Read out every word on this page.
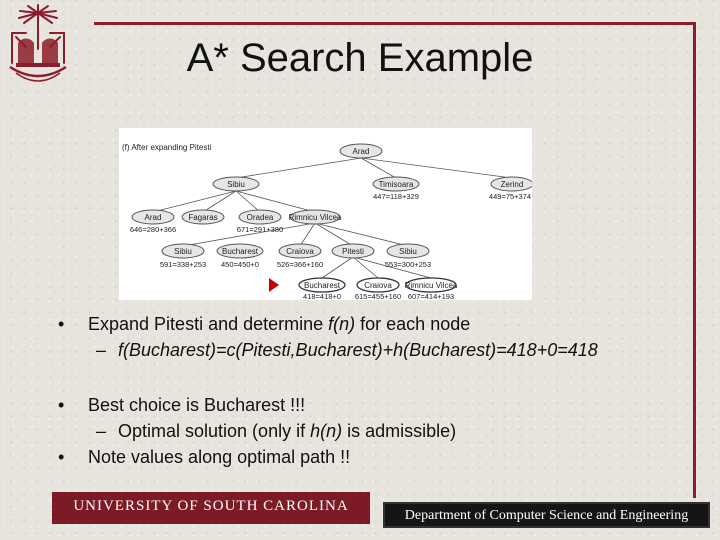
A* Search Example
(f) After expanding Pitesti	Arad
Sibiu	Timisoara
447=118+329
Zerind
449=75+374
Arad
646=280+366
Fagaras	Oradea
671=291+380
Rimnicu Vilcea
Sibiu
591=338+253
Bucharest
450=450+0
Craiova
526=366+160
Pitesti	Sibiu
553=300+253
Bucharest
418=418+0
Craiova
615=455+160
Rimnicu Vilcea
607=414+193
•	Expand Pitesti and determine f(n) for each node
– f(Bucharest)=c(Pitesti,Bucharest)+h(Bucharest)=418+0=418
•	Best choice is Bucharest !!!
– Optimal solution (only if h(n) is admissible)
•	Note values along optimal path !!
UNIVERSITY OF SOUTH CAROLINA
Department of Computer Science and Engineering
